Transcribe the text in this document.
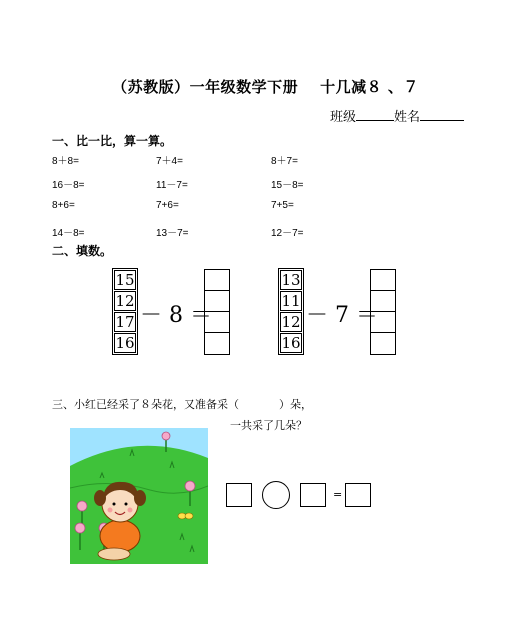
（苏教版）一年级数学下册 十几减８ 、７
班级	姓名
一、比一比，算一算。
8＋8=	7＋4=	8＋7=
16－8=	11－7=	15－8=
8+6=	7+6=	7+5=
14－8=	13－7=	12－7=
二、填数。
15
12
17
16
－ 8 ＝
13
11
12
16
－ 7 ＝
三、小红已经采了８朵花，又准备采（	）朵，
一共采了几朵？
=
